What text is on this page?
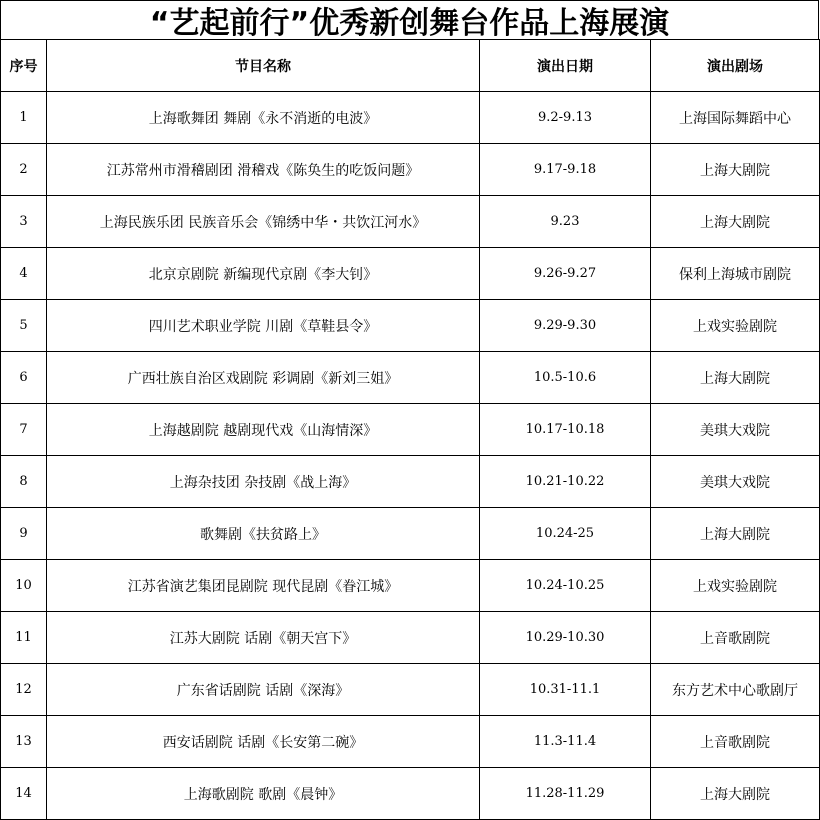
“艺起前行”优秀新创舞台作品上海展演
序号	节目名称	演出日期	演出剧场
1	上海歌舞团 舞剧《永不消逝的电波》	9.2-9.13	上海国际舞蹈中心
2	江苏常州市滑稽剧团 滑稽戏《陈奂生的吃饭问题》	9.17-9.18	上海大剧院
3	上海民族乐团 民族音乐会《锦绣中华・共饮江河水》	9.23	上海大剧院
4	北京京剧院 新编现代京剧《李大钊》	9.26-9.27	保利上海城市剧院
5	四川艺术职业学院 川剧《草鞋县令》	9.29-9.30	上戏实验剧院
6	广西壮族自治区戏剧院 彩调剧《新刘三姐》	10.5-10.6	上海大剧院
7	上海越剧院 越剧现代戏《山海情深》	10.17-10.18	美琪大戏院
8	上海杂技团 杂技剧《战上海》	10.21-10.22	美琪大戏院
9	歌舞剧《扶贫路上》	10.24-25	上海大剧院
10	江苏省演艺集团昆剧院 现代昆剧《眷江城》	10.24-10.25	上戏实验剧院
11	江苏大剧院 话剧《朝天宫下》	10.29-10.30	上音歌剧院
12	广东省话剧院 话剧《深海》	10.31-11.1	东方艺术中心歌剧厅
13	西安话剧院 话剧《长安第二碗》	11.3-11.4	上音歌剧院
14	上海歌剧院 歌剧《晨钟》	11.28-11.29	上海大剧院
